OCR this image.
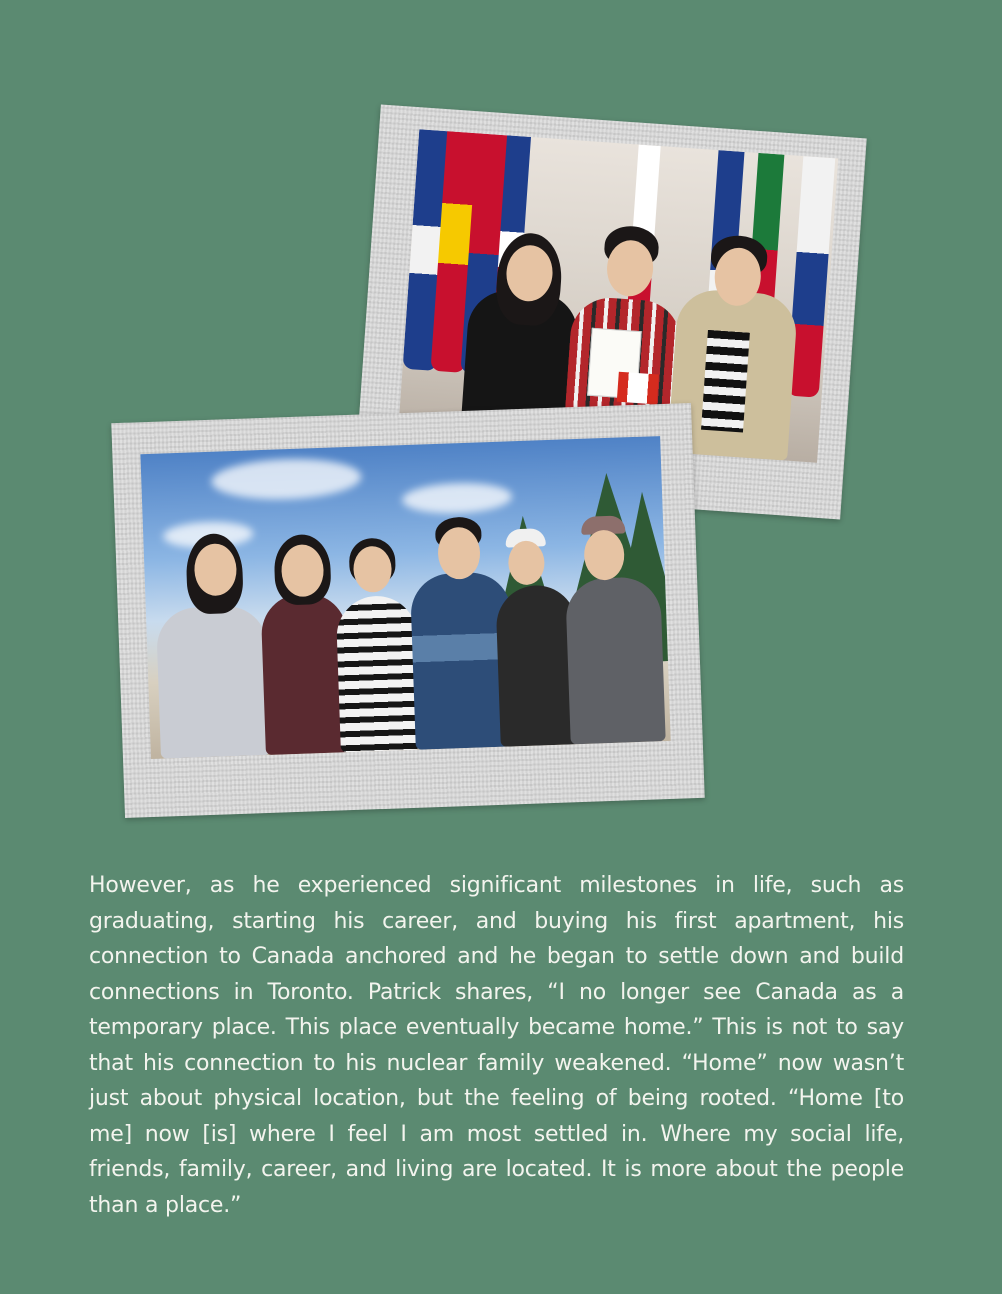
However, as he experienced significant milestones in life, such as graduating, starting his career, and buying his first apartment, his connection to Canada anchored and he began to settle down and build connections in Toronto. Patrick shares, “I no longer see Canada as a temporary place. This place eventually became home.” This is not to say that his connection to his nuclear family weakened. “Home” now wasn’t just about physical location, but the feeling of being rooted. “Home [to me] now [is] where I feel I am most settled in. Where my social life, friends, family, career, and living are located. It is more about the people than a place.”
